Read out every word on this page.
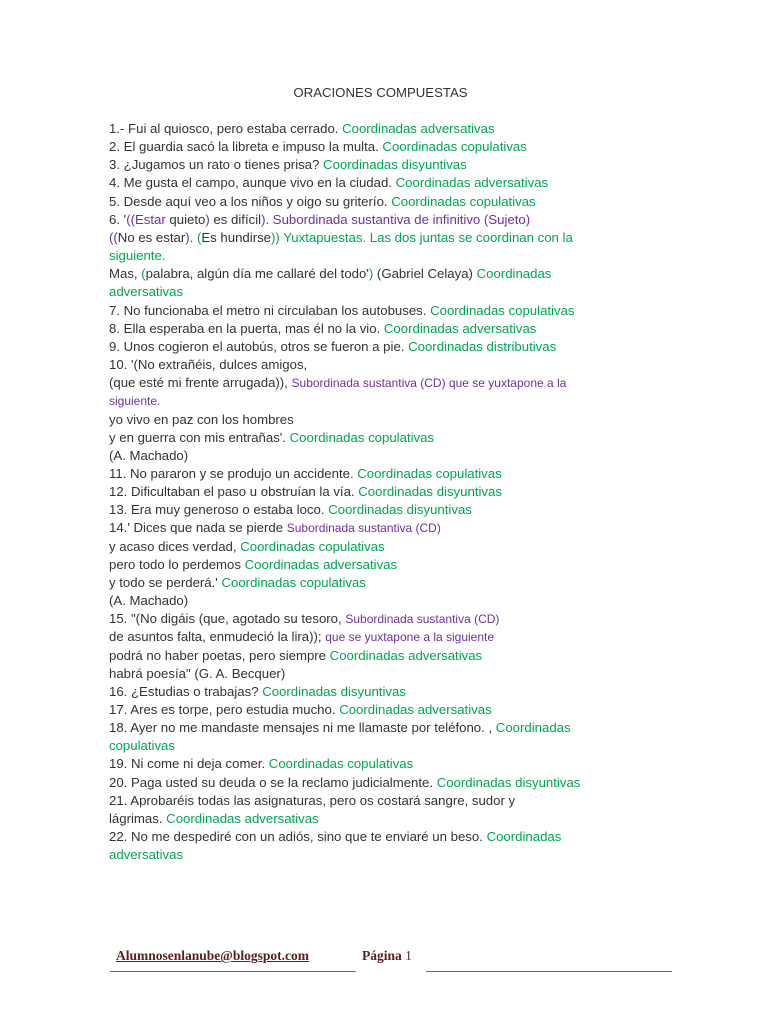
ORACIONES COMPUESTAS
1.- Fui al quiosco, pero estaba cerrado. Coordinadas adversativas
2. El guardia sacó la libreta e impuso la multa. Coordinadas copulativas
3. ¿Jugamos un rato o tienes prisa? Coordinadas disyuntivas
4. Me gusta el campo, aunque vivo en la ciudad. Coordinadas adversativas
5. Desde aquí veo a los niños y oigo su griterío. Coordinadas copulativas
6. '((Estar quieto) es difícil). Subordinada sustantiva de infinitivo (Sujeto)
((No es estar). (Es hundirse)) Yuxtapuestas. Las dos juntas se coordinan con la
siguiente.
Mas, (palabra, algún día me callaré del todo') (Gabriel Celaya) Coordinadas
adversativas
7. No funcionaba el metro ni circulaban los autobuses. Coordinadas copulativas
8. Ella esperaba en la puerta, mas él no la vio. Coordinadas adversativas
9. Unos cogieron el autobús, otros se fueron a pie. Coordinadas distributivas
10. '(No extrañéis, dulces amigos,
(que esté mi frente arrugada)), Subordinada sustantiva (CD) que se yuxtapone a la
siguiente.
yo vivo en paz con los hombres
y en guerra con mis entrañas'. Coordinadas copulativas
(A. Machado)
11. No pararon y se produjo un accidente. Coordinadas copulativas
12. Dificultaban el paso u obstruían la vía. Coordinadas disyuntivas
13. Era muy generoso o estaba loco. Coordinadas disyuntivas
14.' Dices que nada se pierde Subordinada sustantiva (CD)
y acaso dices verdad, Coordinadas copulativas
pero todo lo perdemos Coordinadas adversativas
y todo se perderá.' Coordinadas copulativas
(A. Machado)
15. "(No digáis (que, agotado su tesoro, Subordinada sustantiva (CD)
de asuntos falta, enmudeció la lira)); que se yuxtapone a la siguiente
podrá no haber poetas, pero siempre Coordinadas adversativas
habrá poesía" (G. A. Becquer)
16. ¿Estudias o trabajas? Coordinadas disyuntivas
17. Ares es torpe, pero estudia mucho. Coordinadas adversativas
18. Ayer no me mandaste mensajes ni me llamaste por teléfono. , Coordinadas
copulativas
19. Ni come ni deja comer. Coordinadas copulativas
20. Paga usted su deuda o se la reclamo judicialmente. Coordinadas disyuntivas
21. Aprobaréis todas las asignaturas, pero os costará sangre, sudor y
lágrimas. Coordinadas adversativas
22. No me despediré con un adiós, sino que te enviaré un beso. Coordinadas
adversativas
Alumnosenlanube@blogspot.com	Página 1
